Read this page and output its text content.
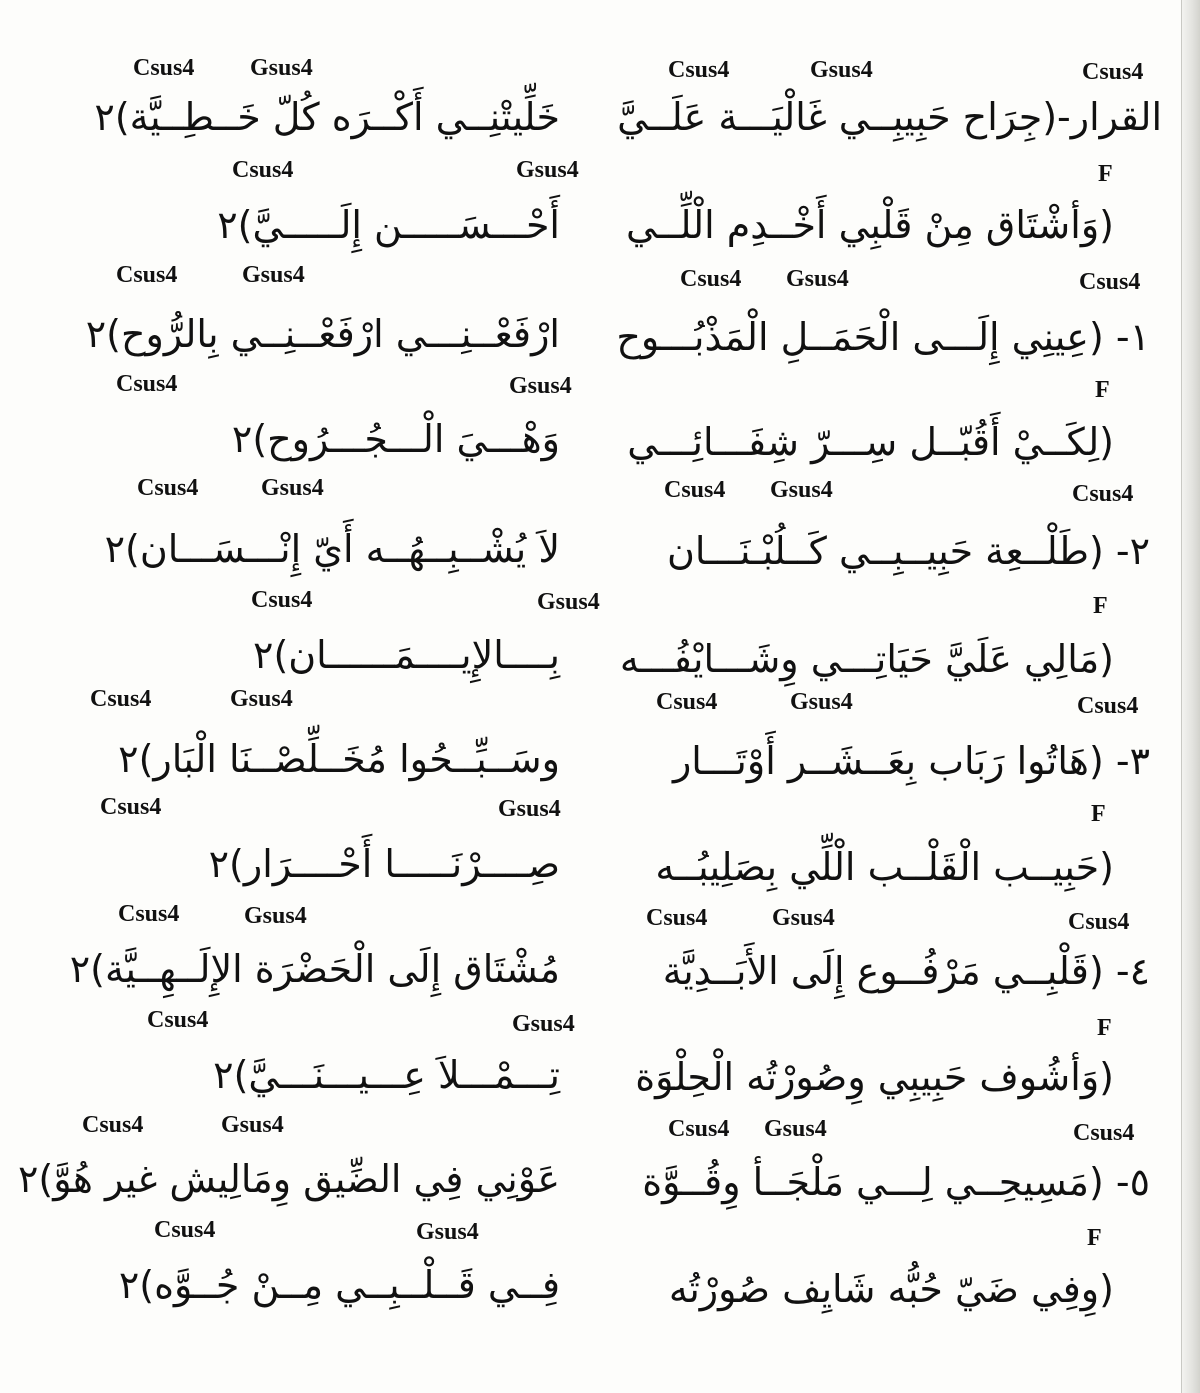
Csus4 Gsus4	Csus4	Gsus4	Csus4
خَلِّيتْنِــي أَكْــرَه كُلّ خَــطِــيَّة)٢ القرار-(جِرَاح حَبِيبِــي غَالْيَـــة عَلَــيَّ
Csus4	Gsus4	F
أَحْـــسَـــــن إِلَـــــيَّ)٢ (وَأشْتَاق مِنْ قَلْبِي أَخْــدِم الْلِّــي
Csus4	Gsus4	Csus4 Gsus4	Csus4
ارْفَعْــنِـــي ارْفَعْــنِــي بِالرُّوح)٢ ١- (عِينِي إِلَـــى الْحَمَــلِ الْمَذْبُـــوح
Csus4	Gsus4	F
وَهْـــيَ الْـــجُـــرُوح)٢ (لِكَــيْ أَقُبّــل سِـــرّ شِفَـــائِـــي
Csus4	Gsus4	Csus4 Gsus4	Csus4
لاَ يُشْــبِــهُــه أَيّ إِنْـــسَـــان)٢	٢- (طَلْــعِة حَبِيــبِــي كَــلُبْـنَـــان
Csus4	Gsus4	F
بِــــالإِيــــمَــــــان)٢ (مَالِي عَلَيَّ حَيَاتِـــي وِشَـــايْفُـــه
Csus4	Gsus4	Csus4	Gsus4	Csus4
وسَــبِّــحُوا مُخَــلِّصْــنَا الْبَار)٢	٣- (هَاتُوا رَبَاب بِعَــشَــر أَوْتَـــار
Csus4	Gsus4	F
صِــــرْنَـــــا أَحْــــرَار)٢	(حَبِيــب الْقَلْــب الْلِّي بِصَلِيبُــه
Csus4	Gsus4	Csus4	Gsus4	Csus4
مُشْتَاق إِلَى الْحَضْرَة الإِلَــهِــيَّة)٢	٤- (قَلْبِــي مَرْفُــوع إِلَى الأَبَــدِيَّة
Csus4	Gsus4	F
تِـــمْـــلاَ عِـــيـــنَـــيَّ)٢ (وَأشُوف حَبِيبِي وِصُورْتُه الْحِلْوَة
Csus4	Gsus4	Csus4 Gsus4	Csus4
عَوْنِي فِي الضِّيق وِمَالِيش غير هُوَّ)٢ ٥- (مَسِيحِــي لِـــي مَلْجَــأ وِقُــوَّة
Csus4	Gsus4	F
فِــي قَــلْــبِــي مِــنْ جُــوَّه)٢	(وِفِي ضَيّ حُبُّه شَايِف صُورْتُه
